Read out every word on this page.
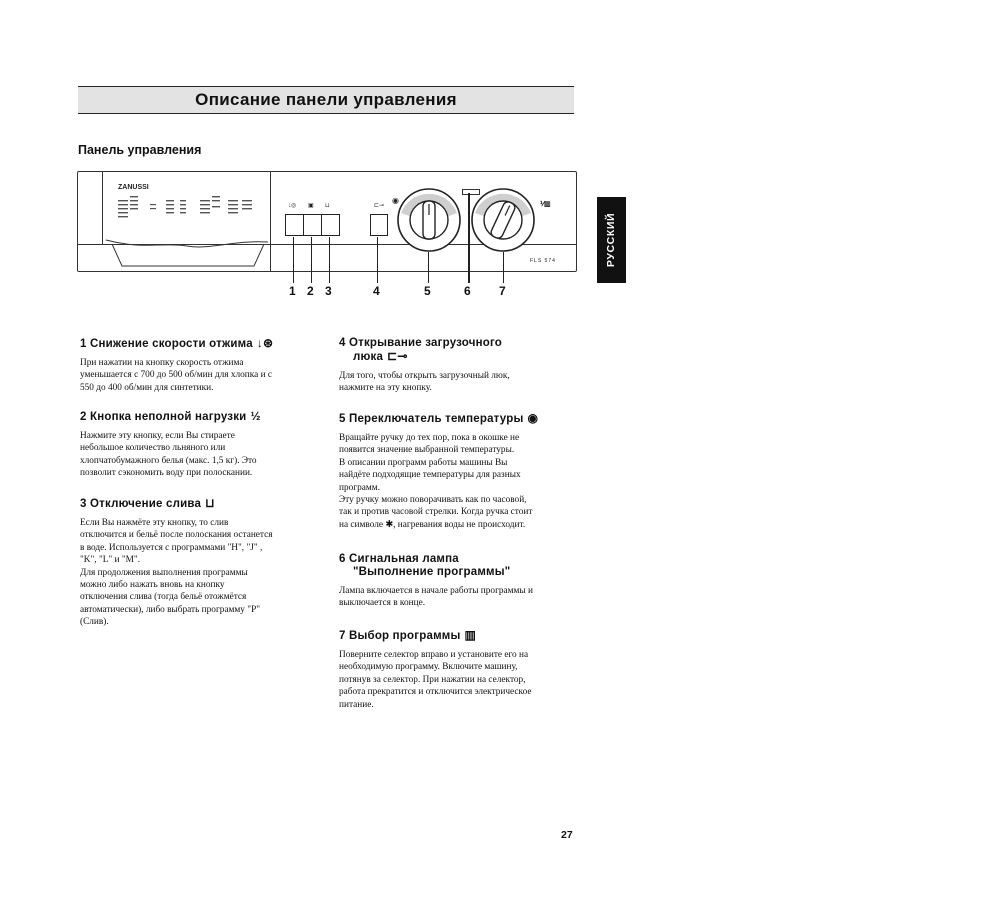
Описание панели управления
Панель управления
РУССКИЙ
ZANUSSI
↓◎ ▣ ⊔	⊏⊸
◉	⅟▥
FLS 574
1 2 3	4	5	6 7
1 Снижение скорости отжима ↓⊛

При нажатии на кнопку скорость отжима
уменьшается с 700 до 500 об/мин для хлопка и с
550 до 400 об/мин для синтетики.

2 Кнопка неполной нагрузки ½

Нажмите эту кнопку, если Вы стираете
небольшое количество льняного или
хлопчатобумажного белья (макс. 1,5 кг). Это
позволит сэкономить воду при полоскании.

3 Отключение слива ⊔

Если Вы нажмёте эту кнопку, то слив
отключится и бельё после полоскания останется
в воде. Используется с программами "H", "J" ,
"K", "L" и "M".
Для продолжения выполнения программы
можно либо нажать вновь на кнопку
отключения слива (тогда бельё отожмётся
автоматически), либо выбрать программу "P"
(Слив).

4 Открывание загрузочного
люка ⊏⊸

Для того, чтобы открыть загрузочный люк,
нажмите на эту кнопку.

5 Переключатель температуры ◉

Вращайте ручку до тех пор, пока в окошке не
появится значение выбранной температуры.
В описании программ работы машины Вы
найдёте подходящие температуры для разных
программ.
Эту ручку можно поворачивать как по часовой,
так и против часовой стрелки. Когда ручка стоит
на символе ✱, нагревания воды не происходит.

6 Сигнальная лампа
"Выполнение программы"

Лампа включается в начале работы программы и
выключается в конце.

7 Выбор программы ▥

Поверните селектор вправо и установите его на
необходимую программу. Включите машину,
потянув за селектор. При нажатии на селектор,
работа прекратится и отключится электрическое
питание.

27
